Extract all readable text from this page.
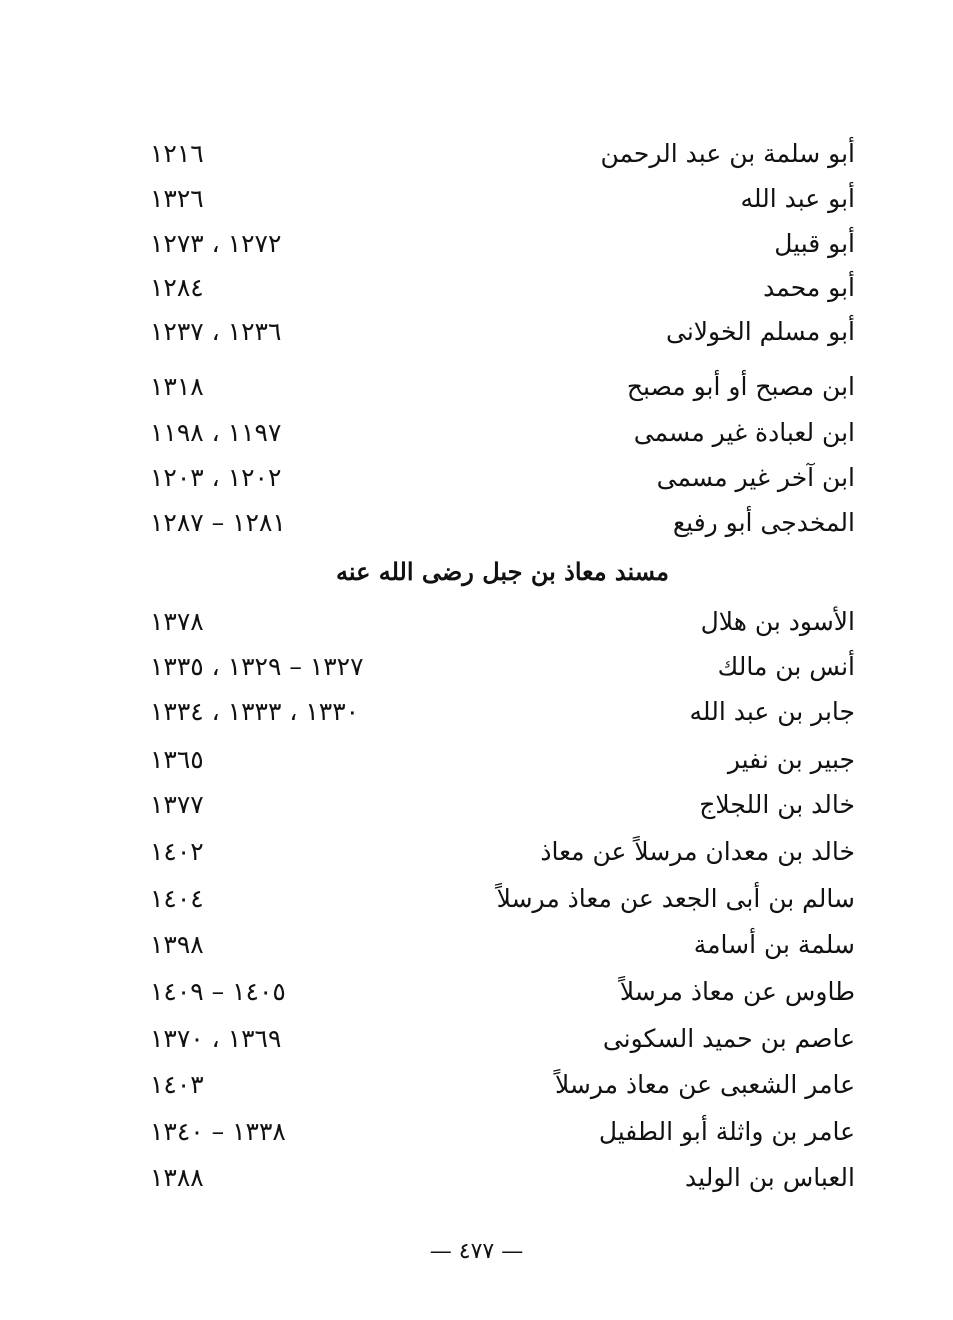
١٢١٦	أبو سلمة بن عبد الرحمن
١٣٢٦	أبو عبد الله
١٢٧٢ ، ١٢٧٣	أبو قبيل
١٢٨٤	أبو محمد
١٢٣٦ ، ١٢٣٧	أبو مسلم الخولانى
١٣١٨	ابن مصبح أو أبو مصبح
١١٩٧ ، ١١٩٨	ابن لعبادة غير مسمى
١٢٠٢ ، ١٢٠٣	ابن آخر غير مسمى
١٢٨١ – ١٢٨٧	المخدجى أبو رفيع
مسند معاذ بن جبل رضى الله عنه
١٣٧٨	الأسود بن هلال
١٣٢٧ – ١٣٢٩ ، ١٣٣٥	أنس بن مالك
١٣٣٠ ، ١٣٣٣ ، ١٣٣٤	جابر بن عبد الله
١٣٦٥	جبير بن نفير
١٣٧٧	خالد بن اللجلاج
١٤٠٢	خالد بن معدان مرسلاً عن معاذ
١٤٠٤	سالم بن أبى الجعد عن معاذ مرسلاً
١٣٩٨	سلمة بن أسامة
١٤٠٥ – ١٤٠٩	طاوس عن معاذ مرسلاً
١٣٦٩ ، ١٣٧٠	عاصم بن حميد السكونى
١٤٠٣	عامر الشعبى عن معاذ مرسلاً
١٣٣٨ – ١٣٤٠	عامر بن واثلة أبو الطفيل
١٣٨٨	العباس بن الوليد
— ٤٧٧ —
